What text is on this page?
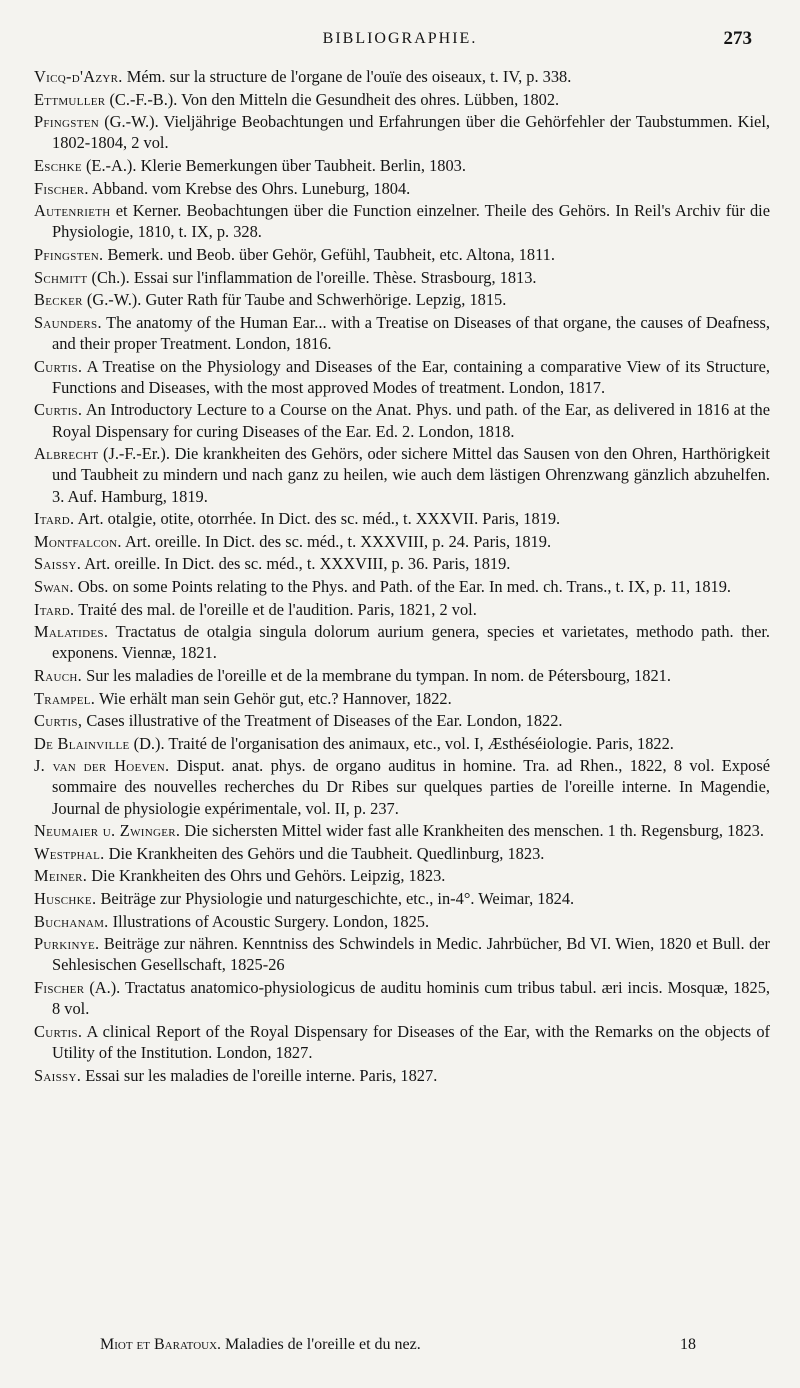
BIBLIOGRAPHIE.	273

Vicq-d'Azyr. Mém. sur la structure de l'organe de l'ouïe des oiseaux, t. IV, p. 338.

Ettmuller (C.-F.-B.). Von den Mitteln die Gesundheit des ohres. Lübben, 1802.

Pfingsten (G.-W.). Vieljährige Beobachtungen und Erfahrungen über die Gehörfehler der Taubstummen. Kiel, 1802-1804, 2 vol.

Eschke (E.-A.). Klerie Bemerkungen über Taubheit. Berlin, 1803.

Fischer. Abband. vom Krebse des Ohrs. Luneburg, 1804.

Autenrieth et Kerner. Beobachtungen über die Function einzelner. Theile des Gehörs. In Reil's Archiv für die Physiologie, 1810, t. IX, p. 328.

Pfingsten. Bemerk. und Beob. über Gehör, Gefühl, Taubheit, etc. Altona, 1811.

Schmitt (Ch.). Essai sur l'inflammation de l'oreille. Thèse. Strasbourg, 1813.

Becker (G.-W.). Guter Rath für Taube and Schwerhörige. Lepzig, 1815.

Saunders. The anatomy of the Human Ear... with a Treatise on Diseases of that organe, the causes of Deafness, and their proper Treatment. London, 1816.

Curtis. A Treatise on the Physiology and Diseases of the Ear, containing a comparative View of its Structure, Functions and Diseases, with the most approved Modes of treatment. London, 1817.

Curtis. An Introductory Lecture to a Course on the Anat. Phys. und path. of the Ear, as delivered in 1816 at the Royal Dispensary for curing Diseases of the Ear. Ed. 2. London, 1818.

Albrecht (J.-F.-Er.). Die krankheiten des Gehörs, oder sichere Mittel das Sausen von den Ohren, Harthörigkeit und Taubheit zu mindern und nach ganz zu heilen, wie auch dem lästigen Ohrenzwang gänzlich abzuhelfen. 3. Auf. Hamburg, 1819.

Itard. Art. otalgie, otite, otorrhée. In Dict. des sc. méd., t. XXXVII. Paris, 1819.

Montfalcon. Art. oreille. In Dict. des sc. méd., t. XXXVIII, p. 24. Paris, 1819.

Saissy. Art. oreille. In Dict. des sc. méd., t. XXXVIII, p. 36. Paris, 1819.

Swan. Obs. on some Points relating to the Phys. and Path. of the Ear. In med. ch. Trans., t. IX, p. 11, 1819.

Itard. Traité des mal. de l'oreille et de l'audition. Paris, 1821, 2 vol.

Malatides. Tractatus de otalgia singula dolorum aurium genera, species et varietates, methodo path. ther. exponens. Viennæ, 1821.

Rauch. Sur les maladies de l'oreille et de la membrane du tympan. In nom. de Pétersbourg, 1821.

Trampel. Wie erhält man sein Gehör gut, etc.? Hannover, 1822.

Curtis, Cases illustrative of the Treatment of Diseases of the Ear. London, 1822.

De Blainville (D.). Traité de l'organisation des animaux, etc., vol. I, Æsthéséiologie. Paris, 1822.

J. van der Hoeven. Disput. anat. phys. de organo auditus in homine. Tra. ad Rhen., 1822, 8 vol. Exposé sommaire des nouvelles recherches du Dr Ribes sur quelques parties de l'oreille interne. In Magendie, Journal de physiologie expérimentale, vol. II, p. 237.

Neumaier u. Zwinger. Die sichersten Mittel wider fast alle Krankheiten des menschen. 1 th. Regensburg, 1823.

Westphal. Die Krankheiten des Gehörs und die Taubheit. Quedlinburg, 1823.

Meiner. Die Krankheiten des Ohrs und Gehörs. Leipzig, 1823.

Huschke. Beiträge zur Physiologie und naturgeschichte, etc., in-4°. Weimar, 1824.

Buchanam. Illustrations of Acoustic Surgery. London, 1825.

Purkinye. Beiträge zur nähren. Kenntniss des Schwindels in Medic. Jahrbücher, Bd VI. Wien, 1820 et Bull. der Sehlesischen Gesellschaft, 1825-26

Fischer (A.). Tractatus anatomico-physiologicus de auditu hominis cum tribus tabul. æri incis. Mosquæ, 1825, 8 vol.

Curtis. A clinical Report of the Royal Dispensary for Diseases of the Ear, with the Remarks on the objects of Utility of the Institution. London, 1827.

Saissy. Essai sur les maladies de l'oreille interne. Paris, 1827.

Miot et Baratoux. Maladies de l'oreille et du nez.	18
